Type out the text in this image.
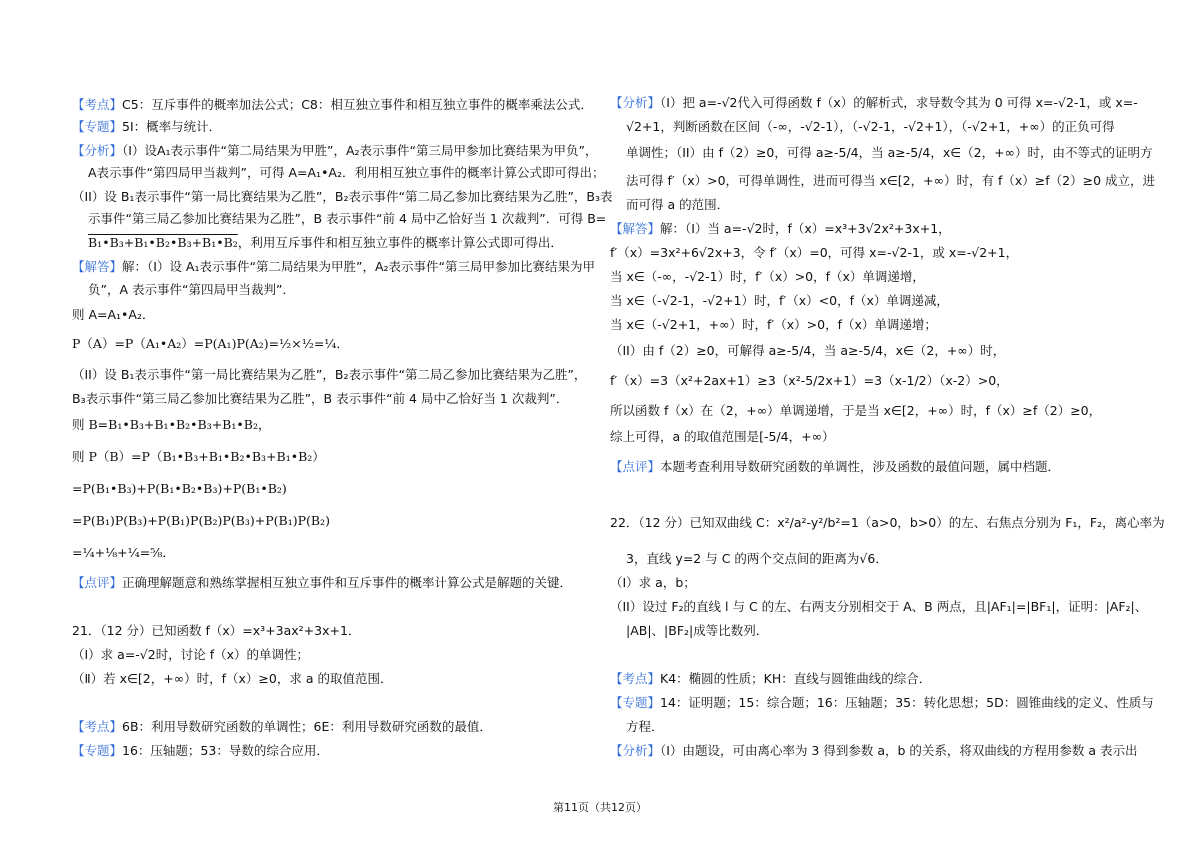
【考点】C5：互斥事件的概率加法公式；C8：相互独立事件和相互独立事件的概率乘法公式．
【专题】5I：概率与统计．
【分析】（I）设A₁表示事件“第二局结果为甲胜”，A₂表示事件“第三局甲参加比赛结果为甲负”，
A表示事件“第四局甲当裁判”，可得 A=A₁•A₂．利用相互独立事件的概率计算公式即可得出；
（II）设 B₁表示事件“第一局比赛结果为乙胜”，B₂表示事件“第二局乙参加比赛结果为乙胜”，B₃表
示事件“第三局乙参加比赛结果为乙胜”，B 表示事件“前 4 局中乙恰好当 1 次裁判”．可得 B=
B₁•B₃+B₁•B₂•B₃+B₁•B₂，利用互斥事件和相互独立事件的概率计算公式即可得出．
【解答】解：（I）设 A₁表示事件“第二局结果为甲胜”，A₂表示事件“第三局甲参加比赛结果为甲
负”，A 表示事件“第四局甲当裁判”．
则 A=A₁•A₂．
P（A）=P（A₁•A₂）=P(A₁)P(A₂)=½×½=¼．
（II）设 B₁表示事件“第一局比赛结果为乙胜”，B₂表示事件“第二局乙参加比赛结果为乙胜”，
B₃表示事件“第三局乙参加比赛结果为乙胜”，B 表示事件“前 4 局中乙恰好当 1 次裁判”．
则 B=B₁•B₃+B₁•B₂•B₃+B₁•B₂，
则 P（B）=P（B₁•B₃+B₁•B₂•B₃+B₁•B₂）
=P(B₁•B₃)+P(B₁•B₂•B₃)+P(B₁•B₂)
=P(B₁)P(B₃)+P(B₁)P(B₂)P(B₃)+P(B₁)P(B₂)
=¼+⅛+¼=⅝．
【点评】正确理解题意和熟练掌握相互独立事件和互斥事件的概率计算公式是解题的关键．
21．（12 分）已知函数 f（x）=x³+3ax²+3x+1．
（Ⅰ）求 a=-√2时，讨论 f（x）的单调性；
（Ⅱ）若 x∈[2，+∞）时，f（x）≥0，求 a 的取值范围．
【考点】6B：利用导数研究函数的单调性；6E：利用导数研究函数的最值．
【专题】16：压轴题；53：导数的综合应用．
【分析】（I）把 a=-√2代入可得函数 f（x）的解析式，求导数令其为 0 可得 x=-√2-1，或 x=-
√2+1，判断函数在区间（-∞，-√2-1），（-√2-1，-√2+1），（-√2+1，+∞）的正负可得
单调性；（II）由 f（2）≥0，可得 a≥-5/4，当 a≥-5/4，x∈（2，+∞）时，由不等式的证明方
法可得 f′（x）>0，可得单调性，进而可得当 x∈[2，+∞）时，有 f（x）≥f（2）≥0 成立，进
而可得 a 的范围．
【解答】解：（I）当 a=-√2时，f（x）=x³+3√2x²+3x+1，
f′（x）=3x²+6√2x+3，令 f′（x）=0，可得 x=-√2-1，或 x=-√2+1，
当 x∈（-∞，-√2-1）时，f′（x）>0，f（x）单调递增，
当 x∈（-√2-1，-√2+1）时，f′（x）<0，f（x）单调递减，
当 x∈（-√2+1，+∞）时，f′（x）>0，f（x）单调递增；
（II）由 f（2）≥0，可解得 a≥-5/4，当 a≥-5/4，x∈（2，+∞）时，
f′（x）=3（x²+2ax+1）≥3（x²-5/2x+1）=3（x-1/2）（x-2）>0，
所以函数 f（x）在（2，+∞）单调递增，于是当 x∈[2，+∞）时，f（x）≥f（2）≥0，
综上可得，a 的取值范围是[-5/4，+∞）
【点评】本题考查利用导数研究函数的单调性，涉及函数的最值问题，属中档题．
22．（12 分）已知双曲线 C：x²/a²-y²/b²=1（a>0，b>0）的左、右焦点分别为 F₁，F₂，离心率为
3，直线 y=2 与 C 的两个交点间的距离为√6．
（I）求 a，b；
（II）设过 F₂的直线 l 与 C 的左、右两支分别相交于 A、B 两点，且|AF₁|=|BF₁|，证明：|AF₂|、
|AB|、|BF₂|成等比数列．
【考点】K4：椭圆的性质；KH：直线与圆锥曲线的综合．
【专题】14：证明题；15：综合题；16：压轴题；35：转化思想；5D：圆锥曲线的定义、性质与
方程．
【分析】（I）由题设，可由离心率为 3 得到参数 a，b 的关系，将双曲线的方程用参数 a 表示出
第11页（共12页）
